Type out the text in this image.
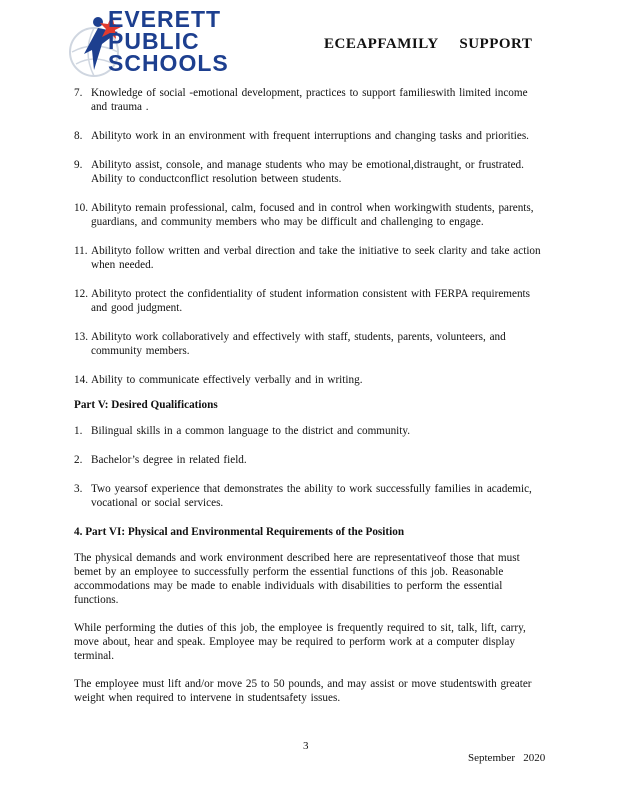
EVERETT
PUBLIC
SCHOOLS
ECEAPFAMILY     SUPPORT
7. Knowledge of social -emotional development, practices to support familieswith limited income and trauma .
8. Abilityto work in an environment with frequent interruptions and changing tasks and priorities.
9. Abilityto assist, console, and manage students who may be emotional,distraught, or frustrated. Ability to conductconflict resolution between students.
10. Abilityto remain professional, calm, focused and in control when workingwith students, parents, guardians, and community members who may be difficult and challenging to engage.
11. Abilityto follow written and verbal direction and take the initiative to seek clarity and take action when needed.
12. Abilityto protect the confidentiality of student information consistent with FERPA requirements and good judgment.
13. Abilityto work collaboratively and effectively with staff, students, parents, volunteers, and community members.
14. Ability to communicate effectively verbally and in writing.
Part V: Desired Qualifications
1. Bilingual skills in a common language to the district and community.
2. Bachelor’s degree in related field.
3. Two yearsof experience that demonstrates the ability to work successfully families in academic, vocational or social services.
4. Part VI: Physical and Environmental Requirements of the Position
The physical demands and work environment described here are representativeof those that must bemet by an employee to successfully perform the essential functions of this job. Reasonable accommodations may be made to enable individuals with disabilities to perform the essential functions.
While performing the duties of this job, the employee is frequently required to sit, talk, lift, carry, move about, hear and speak. Employee may be required to perform work at a computer display terminal.
The employee must lift and/or move 25 to 50 pounds, and may assist or move studentswith greater weight when required to intervene in studentsafety issues.
3
September   2020
